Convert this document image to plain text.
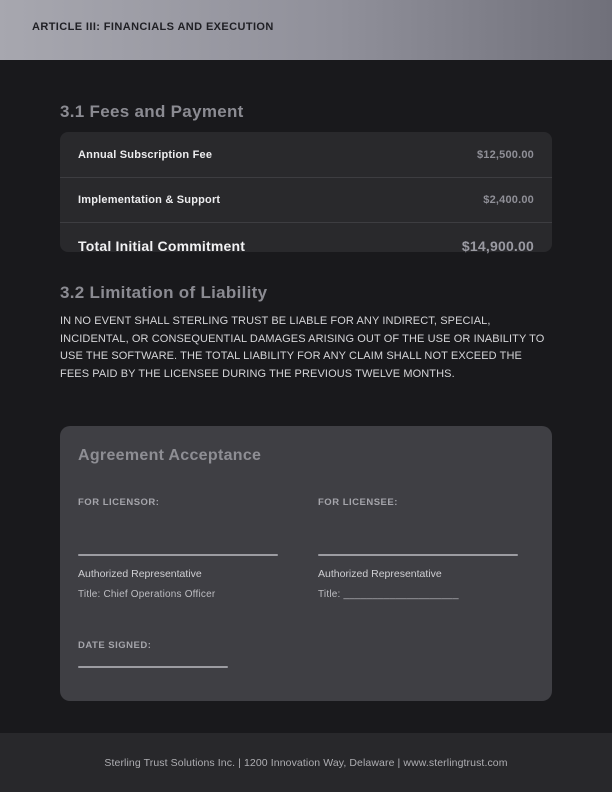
ARTICLE III: FINANCIALS AND EXECUTION
3.1 Fees and Payment
Annual Subscription Fee	$12,500.00
Implementation & Support	$2,400.00
Total Initial Commitment	$14,900.00
3.2 Limitation of Liability
IN NO EVENT SHALL STERLING TRUST BE LIABLE FOR ANY INDIRECT, SPECIAL, INCIDENTAL, OR CONSEQUENTIAL DAMAGES ARISING OUT OF THE USE OR INABILITY TO USE THE SOFTWARE. THE TOTAL LIABILITY FOR ANY CLAIM SHALL NOT EXCEED THE FEES PAID BY THE LICENSEE DURING THE PREVIOUS TWELVE MONTHS.
Agreement Acceptance
FOR LICENSOR:
Authorized Representative
Title: Chief Operations Officer
FOR LICENSEE:
Authorized Representative
Title: ____________________
DATE SIGNED:
Sterling Trust Solutions Inc. | 1200 Innovation Way, Delaware | www.sterlingtrust.com
